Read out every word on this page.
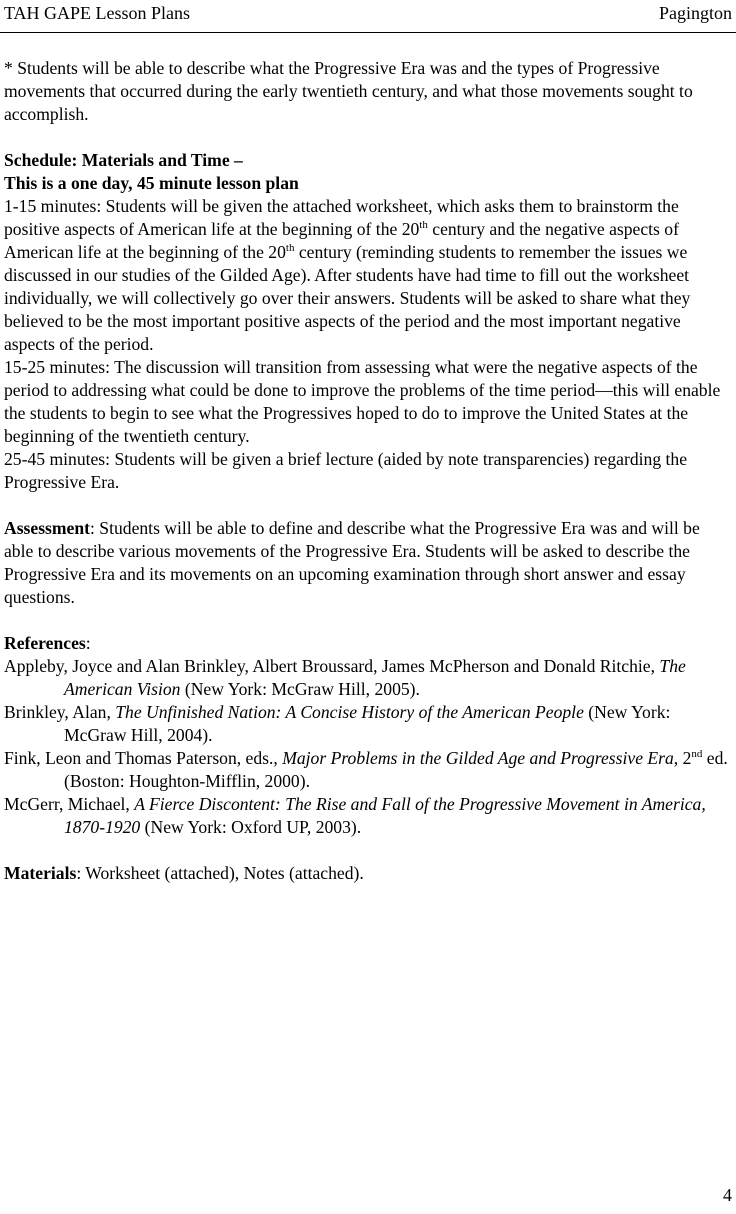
TAH GAPE Lesson Plans	Pagington

* Students will be able to describe what the Progressive Era was and the types of Progressive movements that occurred during the early twentieth century, and what those movements sought to accomplish.

Schedule: Materials and Time –

This is a one day, 45 minute lesson plan

1-15 minutes: Students will be given the attached worksheet, which asks them to brainstorm the positive aspects of American life at the beginning of the 20th century and the negative aspects of American life at the beginning of the 20th century (reminding students to remember the issues we discussed in our studies of the Gilded Age). After students have had time to fill out the worksheet individually, we will collectively go over their answers. Students will be asked to share what they believed to be the most important positive aspects of the period and the most important negative aspects of the period.

15-25 minutes: The discussion will transition from assessing what were the negative aspects of the period to addressing what could be done to improve the problems of the time period—this will enable the students to begin to see what the Progressives hoped to do to improve the United States at the beginning of the twentieth century.

25-45 minutes: Students will be given a brief lecture (aided by note transparencies) regarding the Progressive Era.

Assessment: Students will be able to define and describe what the Progressive Era was and will be able to describe various movements of the Progressive Era. Students will be asked to describe the Progressive Era and its movements on an upcoming examination through short answer and essay questions.

References:

Appleby, Joyce and Alan Brinkley, Albert Broussard, James McPherson and Donald Ritchie, The American Vision (New York: McGraw Hill, 2005).

Brinkley, Alan, The Unfinished Nation: A Concise History of the American People (New York: McGraw Hill, 2004).

Fink, Leon and Thomas Paterson, eds., Major Problems in the Gilded Age and Progressive Era, 2nd ed. (Boston: Houghton-Mifflin, 2000).

McGerr, Michael, A Fierce Discontent: The Rise and Fall of the Progressive Movement in America, 1870-1920 (New York: Oxford UP, 2003).

Materials: Worksheet (attached), Notes (attached).

4
